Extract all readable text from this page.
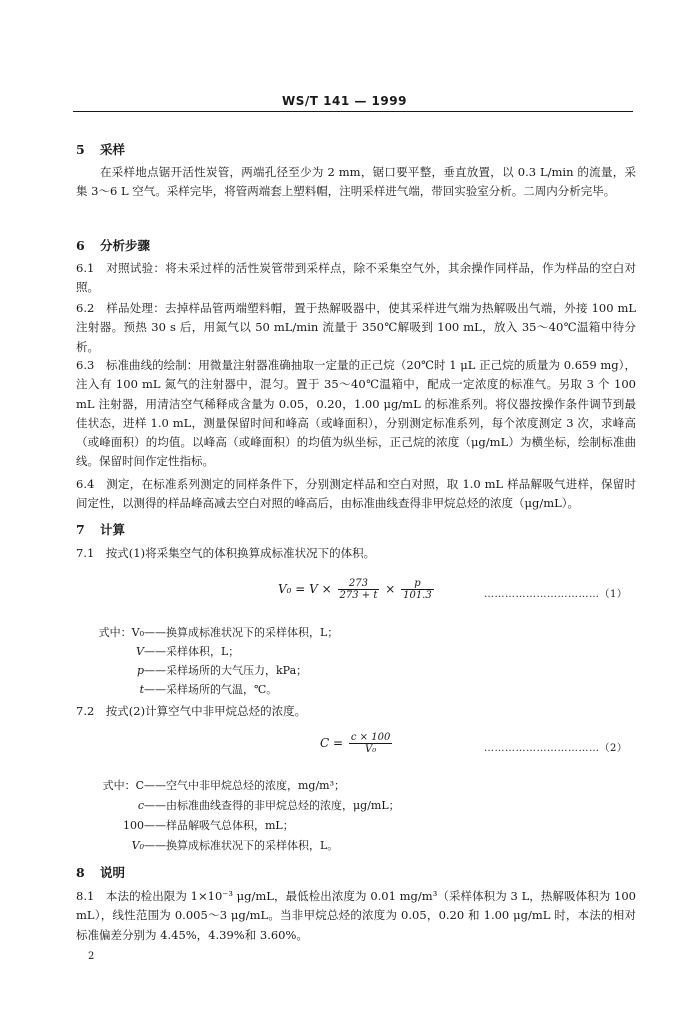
WS/T 141 — 1999
5 采样
在采样地点锯开活性炭管，两端孔径至少为 2 mm，锯口要平整，垂直放置，以 0.3 L/min 的流量，采集 3～6 L 空气。采样完毕，将管两端套上塑料帽，注明采样进气端，带回实验室分析。二周内分析完毕。
6 分析步骤
6.1　对照试验：将未采过样的活性炭管带到采样点，除不采集空气外，其余操作同样品，作为样品的空白对照。
6.2　样品处理：去掉样品管两端塑料帽，置于热解吸器中，使其采样进气端为热解吸出气端，外接 100 mL 注射器。预热 30 s 后，用氮气以 50 mL/min 流量于 350℃解吸到 100 mL，放入 35～40℃温箱中待分析。
6.3　标准曲线的绘制：用微量注射器准确抽取一定量的正己烷（20℃时 1 μL 正己烷的质量为 0.659 mg），注入有 100 mL 氮气的注射器中，混匀。置于 35～40℃温箱中，配成一定浓度的标准气。另取 3 个 100 mL 注射器，用清洁空气稀释成含量为 0.05，0.20，1.00 μg/mL 的标准系列。将仪器按操作条件调节到最佳状态，进样 1.0 mL，测量保留时间和峰高（或峰面积），分别测定标准系列，每个浓度测定 3 次，求峰高（或峰面积）的均值。以峰高（或峰面积）的均值为纵坐标，正己烷的浓度（μg/mL）为横坐标，绘制标准曲线。保留时间作定性指标。
6.4　测定，在标准系列测定的同样条件下，分别测定样品和空白对照，取 1.0 mL 样品解吸气进样，保留时间定性，以测得的样品峰高减去空白对照的峰高后，由标准曲线查得非甲烷总烃的浓度（μg/mL）。
7 计算
7.1　按式(1)将采集空气的体积换算成标准状况下的体积。
$V_0 = V \times \frac{273}{273 + t} \times \frac{p}{101.3}$	……………………………（1）
式中：V₀——换算成标准状况下的采样体积，L；
V——采样体积，L；
p——采样场所的大气压力，kPa；
t——采样场所的气温，℃。
7.2　按式(2)计算空气中非甲烷总烃的浓度。
$C = \frac{c \times 100}{\text{V₀}}$	……………………………（2）
式中：C——空气中非甲烷总烃的浓度，mg/m³；
c——由标准曲线查得的非甲烷总烃的浓度，μg/mL；
100——样品解吸气总体积，mL；
V₀——换算成标准状况下的采样体积，L。
8 说明
8.1　本法的检出限为 1×10⁻³ μg/mL，最低检出浓度为 0.01 mg/m³（采样体积为 3 L，热解吸体积为 100 mL），线性范围为 0.005～3 μg/mL。当非甲烷总烃的浓度为 0.05，0.20 和 1.00 μg/mL 时，本法的相对标准偏差分别为 4.45%，4.39%和 3.60%。
2
